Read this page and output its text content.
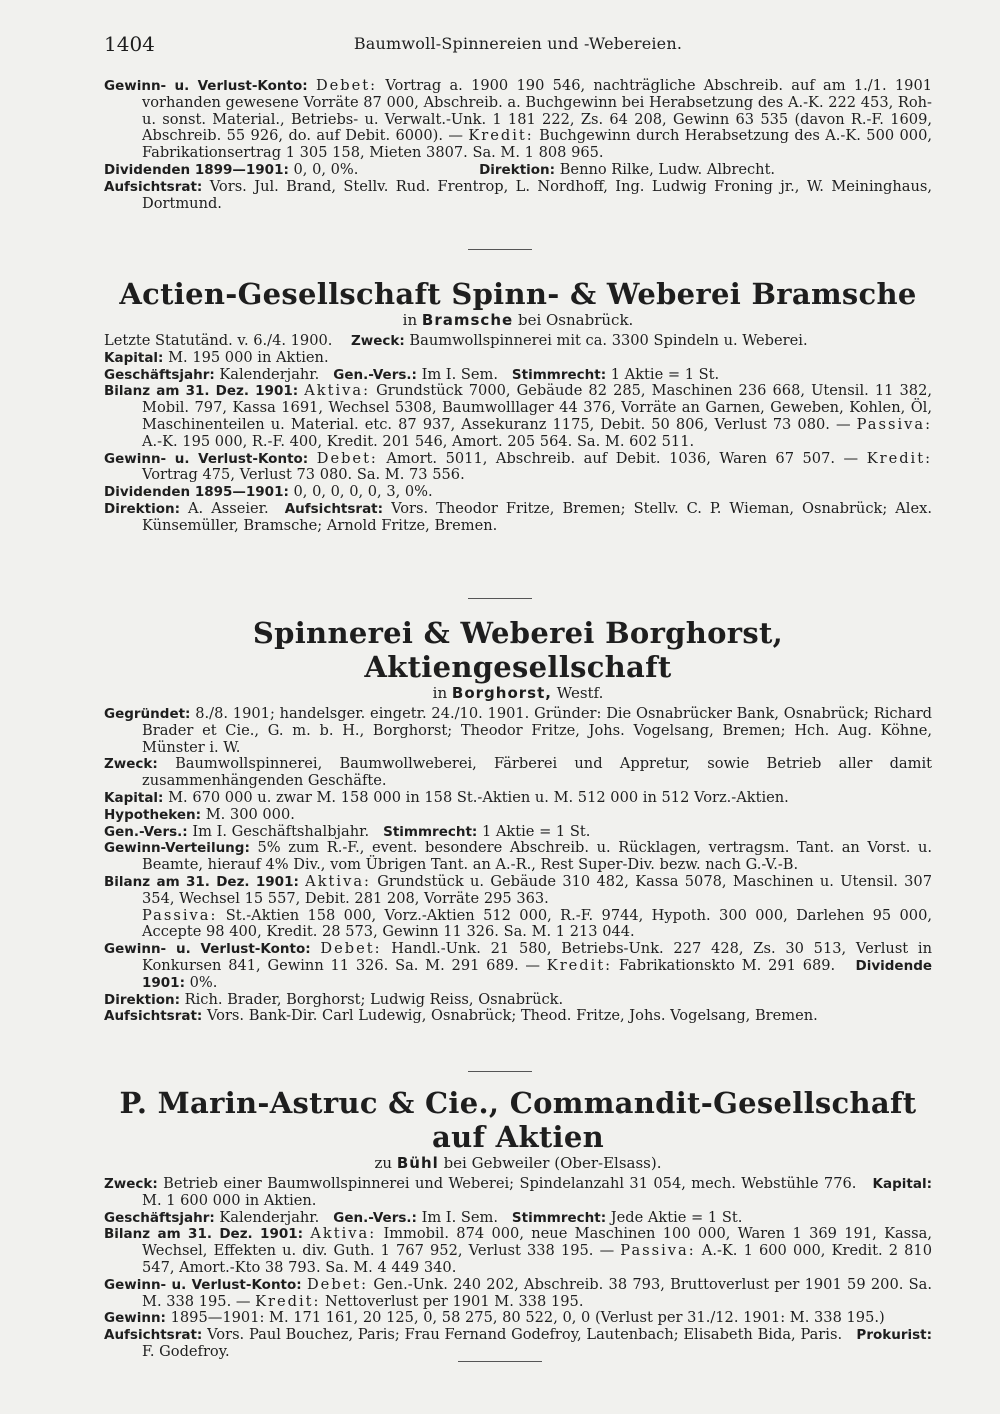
1404	Baumwoll-Spinnereien und -Webereien.

Gewinn- u. Verlust-Konto: Debet: Vortrag a. 1900 190 546, nachträgliche Abschreib. auf am 1./1. 1901 vorhanden gewesene Vorräte 87 000, Abschreib. a. Buchgewinn bei Herabsetzung des A.-K. 222 453, Roh- u. sonst. Material., Betriebs- u. Verwalt.-Unk. 1 181 222, Zs. 64 208, Gewinn 63 535 (davon R.-F. 1609, Abschreib. 55 926, do. auf Debit. 6000). — Kredit: Buchgewinn durch Herabsetzung des A.-K. 500 000, Fabrikationsertrag 1 305 158, Mieten 3807. Sa. M. 1 808 965.

Dividenden 1899—1901: 0, 0, 0%.	Direktion: Benno Rilke, Ludw. Albrecht.

Aufsichtsrat: Vors. Jul. Brand, Stellv. Rud. Frentrop, L. Nordhoff, Ing. Ludwig Froning jr., W. Meininghaus, Dortmund.

Actien-Gesellschaft Spinn- & Weberei Bramsche

in Bramsche bei Osnabrück.

Letzte Statutänd. v. 6./4. 1900. Zweck: Baumwollspinnerei mit ca. 3300 Spindeln u. Weberei.

Kapital: M. 195 000 in Aktien.

Geschäftsjahr: Kalenderjahr. Gen.-Vers.: Im I. Sem. Stimmrecht: 1 Aktie = 1 St.

Bilanz am 31. Dez. 1901: Aktiva: Grundstück 7000, Gebäude 82 285, Maschinen 236 668, Utensil. 11 382, Mobil. 797, Kassa 1691, Wechsel 5308, Baumwolllager 44 376, Vorräte an Garnen, Geweben, Kohlen, Öl, Maschinenteilen u. Material. etc. 87 937, Assekuranz 1175, Debit. 50 806, Verlust 73 080. — Passiva: A.-K. 195 000, R.-F. 400, Kredit. 201 546, Amort. 205 564. Sa. M. 602 511.

Gewinn- u. Verlust-Konto: Debet: Amort. 5011, Abschreib. auf Debit. 1036, Waren 67 507. — Kredit: Vortrag 475, Verlust 73 080. Sa. M. 73 556.

Dividenden 1895—1901: 0, 0, 0, 0, 0, 3, 0%.

Direktion: A. Asseier. Aufsichtsrat: Vors. Theodor Fritze, Bremen; Stellv. C. P. Wieman, Osnabrück; Alex. Künsemüller, Bramsche; Arnold Fritze, Bremen.

Spinnerei & Weberei Borghorst, Aktiengesellschaft

in Borghorst, Westf.

Gegründet: 8./8. 1901; handelsger. eingetr. 24./10. 1901. Gründer: Die Osnabrücker Bank, Osnabrück; Richard Brader et Cie., G. m. b. H., Borghorst; Theodor Fritze, Johs. Vogelsang, Bremen; Hch. Aug. Köhne, Münster i. W.

Zweck: Baumwollspinnerei, Baumwollweberei, Färberei und Appretur, sowie Betrieb aller damit zusammenhängenden Geschäfte.

Kapital: M. 670 000 u. zwar M. 158 000 in 158 St.-Aktien u. M. 512 000 in 512 Vorz.-Aktien.

Hypotheken: M. 300 000.

Gen.-Vers.: Im I. Geschäftshalbjahr. Stimmrecht: 1 Aktie = 1 St.

Gewinn-Verteilung: 5% zum R.-F., event. besondere Abschreib. u. Rücklagen, vertragsm. Tant. an Vorst. u. Beamte, hierauf 4% Div., vom Übrigen Tant. an A.-R., Rest Super-Div. bezw. nach G.-V.-B.

Bilanz am 31. Dez. 1901: Aktiva: Grundstück u. Gebäude 310 482, Kassa 5078, Maschinen u. Utensil. 307 354, Wechsel 15 557, Debit. 281 208, Vorräte 295 363.

Passiva: St.-Aktien 158 000, Vorz.-Aktien 512 000, R.-F. 9744, Hypoth. 300 000, Darlehen 95 000, Accepte 98 400, Kredit. 28 573, Gewinn 11 326. Sa. M. 1 213 044.

Gewinn- u. Verlust-Konto: Debet: Handl.-Unk. 21 580, Betriebs-Unk. 227 428, Zs. 30 513, Verlust in Konkursen 841, Gewinn 11 326. Sa. M. 291 689. — Kredit: Fabrikationskto M. 291 689. Dividende 1901: 0%.

Direktion: Rich. Brader, Borghorst; Ludwig Reiss, Osnabrück.

Aufsichtsrat: Vors. Bank-Dir. Carl Ludewig, Osnabrück; Theod. Fritze, Johs. Vogelsang, Bremen.

P. Marin-Astruc & Cie., Commandit-Gesellschaft auf Aktien

zu Bühl bei Gebweiler (Ober-Elsass).

Zweck: Betrieb einer Baumwollspinnerei und Weberei; Spindelanzahl 31 054, mech. Webstühle 776. Kapital: M. 1 600 000 in Aktien.

Geschäftsjahr: Kalenderjahr. Gen.-Vers.: Im I. Sem. Stimmrecht: Jede Aktie = 1 St.

Bilanz am 31. Dez. 1901: Aktiva: Immobil. 874 000, neue Maschinen 100 000, Waren 1 369 191, Kassa, Wechsel, Effekten u. div. Guth. 1 767 952, Verlust 338 195. — Passiva: A.-K. 1 600 000, Kredit. 2 810 547, Amort.-Kto 38 793. Sa. M. 4 449 340.

Gewinn- u. Verlust-Konto: Debet: Gen.-Unk. 240 202, Abschreib. 38 793, Bruttoverlust per 1901 59 200. Sa. M. 338 195. — Kredit: Nettoverlust per 1901 M. 338 195.

Gewinn: 1895—1901: M. 171 161, 20 125, 0, 58 275, 80 522, 0, 0 (Verlust per 31./12. 1901: M. 338 195.)

Aufsichtsrat: Vors. Paul Bouchez, Paris; Frau Fernand Godefroy, Lautenbach; Elisabeth Bida, Paris. Prokurist: F. Godefroy.
